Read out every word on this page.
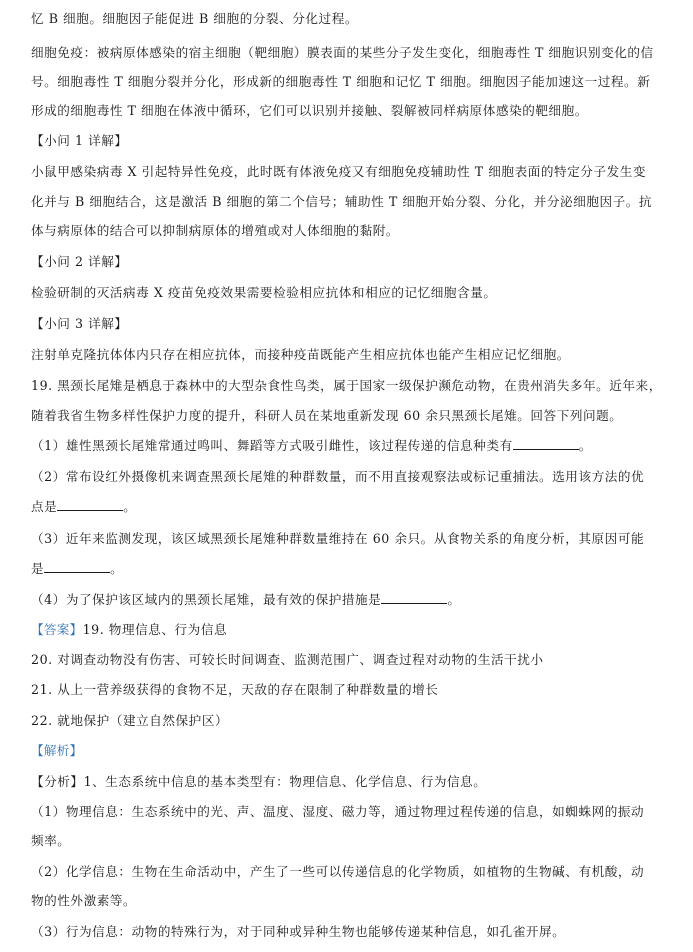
忆 B 细胞。细胞因子能促进 B 细胞的分裂、分化过程。
细胞免疫：被病原体感染的宿主细胞（靶细胞）膜表面的某些分子发生变化，细胞毒性 T 细胞识别变化的信
号。细胞毒性 T 细胞分裂并分化，形成新的细胞毒性 T 细胞和记忆 T 细胞。细胞因子能加速这一过程。新
形成的细胞毒性 T 细胞在体液中循环，它们可以识别并接触、裂解被同样病原体感染的靶细胞。
【小问 1 详解】
小鼠甲感染病毒 X 引起特异性免疫，此时既有体液免疫又有细胞免疫辅助性 T 细胞表面的特定分子发生变
化并与 B 细胞结合，这是激活 B 细胞的第二个信号；辅助性 T 细胞开始分裂、分化，并分泌细胞因子。抗
体与病原体的结合可以抑制病原体的增殖或对人体细胞的黏附。
【小问 2 详解】
检验研制的灭活病毒 X 疫苗免疫效果需要检验相应抗体和相应的记忆细胞含量。
【小问 3 详解】
注射单克隆抗体体内只存在相应抗体，而接种疫苗既能产生相应抗体也能产生相应记忆细胞。
19. 黑颈长尾雉是栖息于森林中的大型杂食性鸟类，属于国家一级保护濒危动物，在贵州消失多年。近年来，
随着我省生物多样性保护力度的提升，科研人员在某地重新发现 60 余只黑颈长尾雉。回答下列问题。
（1）雄性黑颈长尾雉常通过鸣叫、舞蹈等方式吸引雌性，该过程传递的信息种类有	。
（2）常布设红外摄像机来调查黑颈长尾雉的种群数量，而不用直接观察法或标记重捕法。选用该方法的优
点是	。
（3）近年来监测发现，该区域黑颈长尾雉种群数量维持在 60 余只。从食物关系的角度分析，其原因可能
是	。
（4）为了保护该区域内的黑颈长尾雉，最有效的保护措施是	。
【答案】19. 物理信息、行为信息
20. 对调查动物没有伤害、可较长时间调查、监测范围广、调查过程对动物的生活干扰小
21. 从上一营养级获得的食物不足，天敌的存在限制了种群数量的增长
22. 就地保护（建立自然保护区）
【解析】
【分析】1、生态系统中信息的基本类型有：物理信息、化学信息、行为信息。
（1）物理信息：生态系统中的光、声、温度、湿度、磁力等，通过物理过程传递的信息，如蜘蛛网的振动
频率。
（2）化学信息：生物在生命活动中，产生了一些可以传递信息的化学物质，如植物的生物碱、有机酸，动
物的性外激素等。
（3）行为信息：动物的特殊行为，对于同种或异种生物也能够传递某种信息，如孔雀开屏。
